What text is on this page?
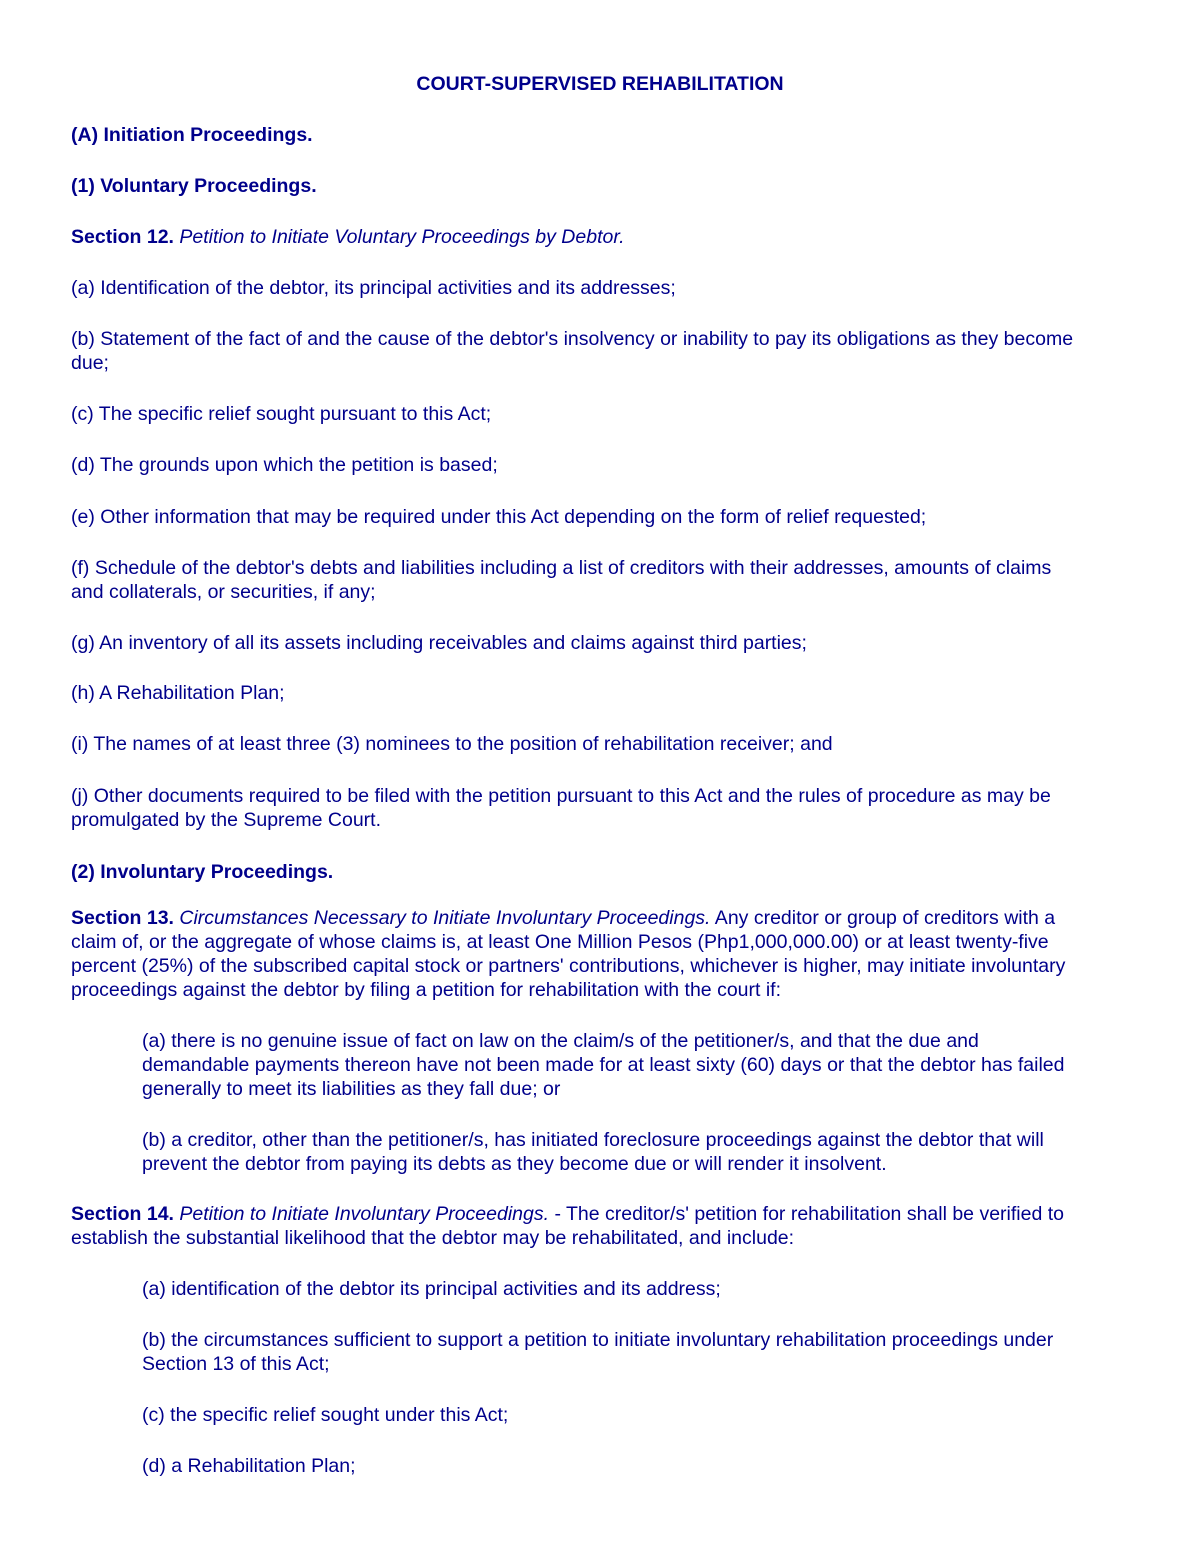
COURT-SUPERVISED REHABILITATION

(A) Initiation Proceedings.

(1) Voluntary Proceedings.

Section 12. Petition to Initiate Voluntary Proceedings by Debtor.

(a) Identification of the debtor, its principal activities and its addresses;

(b) Statement of the fact of and the cause of the debtor's insolvency or inability to pay its obligations as they become

due;

(c) The specific relief sought pursuant to this Act;

(d) The grounds upon which the petition is based;

(e) Other information that may be required under this Act depending on the form of relief requested;

(f) Schedule of the debtor's debts and liabilities including a list of creditors with their addresses, amounts of claims

and collaterals, or securities, if any;

(g) An inventory of all its assets including receivables and claims against third parties;

(h) A Rehabilitation Plan;

(i) The names of at least three (3) nominees to the position of rehabilitation receiver; and

(j) Other documents required to be filed with the petition pursuant to this Act and the rules of procedure as may be

promulgated by the Supreme Court.

(2) Involuntary Proceedings.

Section 13. Circumstances Necessary to Initiate Involuntary Proceedings. Any creditor or group of creditors with a

claim of, or the aggregate of whose claims is, at least One Million Pesos (Php1,000,000.00) or at least twenty-five

percent (25%) of the subscribed capital stock or partners' contributions, whichever is higher, may initiate involuntary

proceedings against the debtor by filing a petition for rehabilitation with the court if:

(a) there is no genuine issue of fact on law on the claim/s of the petitioner/s, and that the due and

demandable payments thereon have not been made for at least sixty (60) days or that the debtor has failed

generally to meet its liabilities as they fall due; or

(b) a creditor, other than the petitioner/s, has initiated foreclosure proceedings against the debtor that will

prevent the debtor from paying its debts as they become due or will render it insolvent.

Section 14. Petition to Initiate Involuntary Proceedings. - The creditor/s' petition for rehabilitation shall be verified to

establish the substantial likelihood that the debtor may be rehabilitated, and include:

(a) identification of the debtor its principal activities and its address;

(b) the circumstances sufficient to support a petition to initiate involuntary rehabilitation proceedings under

Section 13 of this Act;

(c) the specific relief sought under this Act;

(d) a Rehabilitation Plan;
